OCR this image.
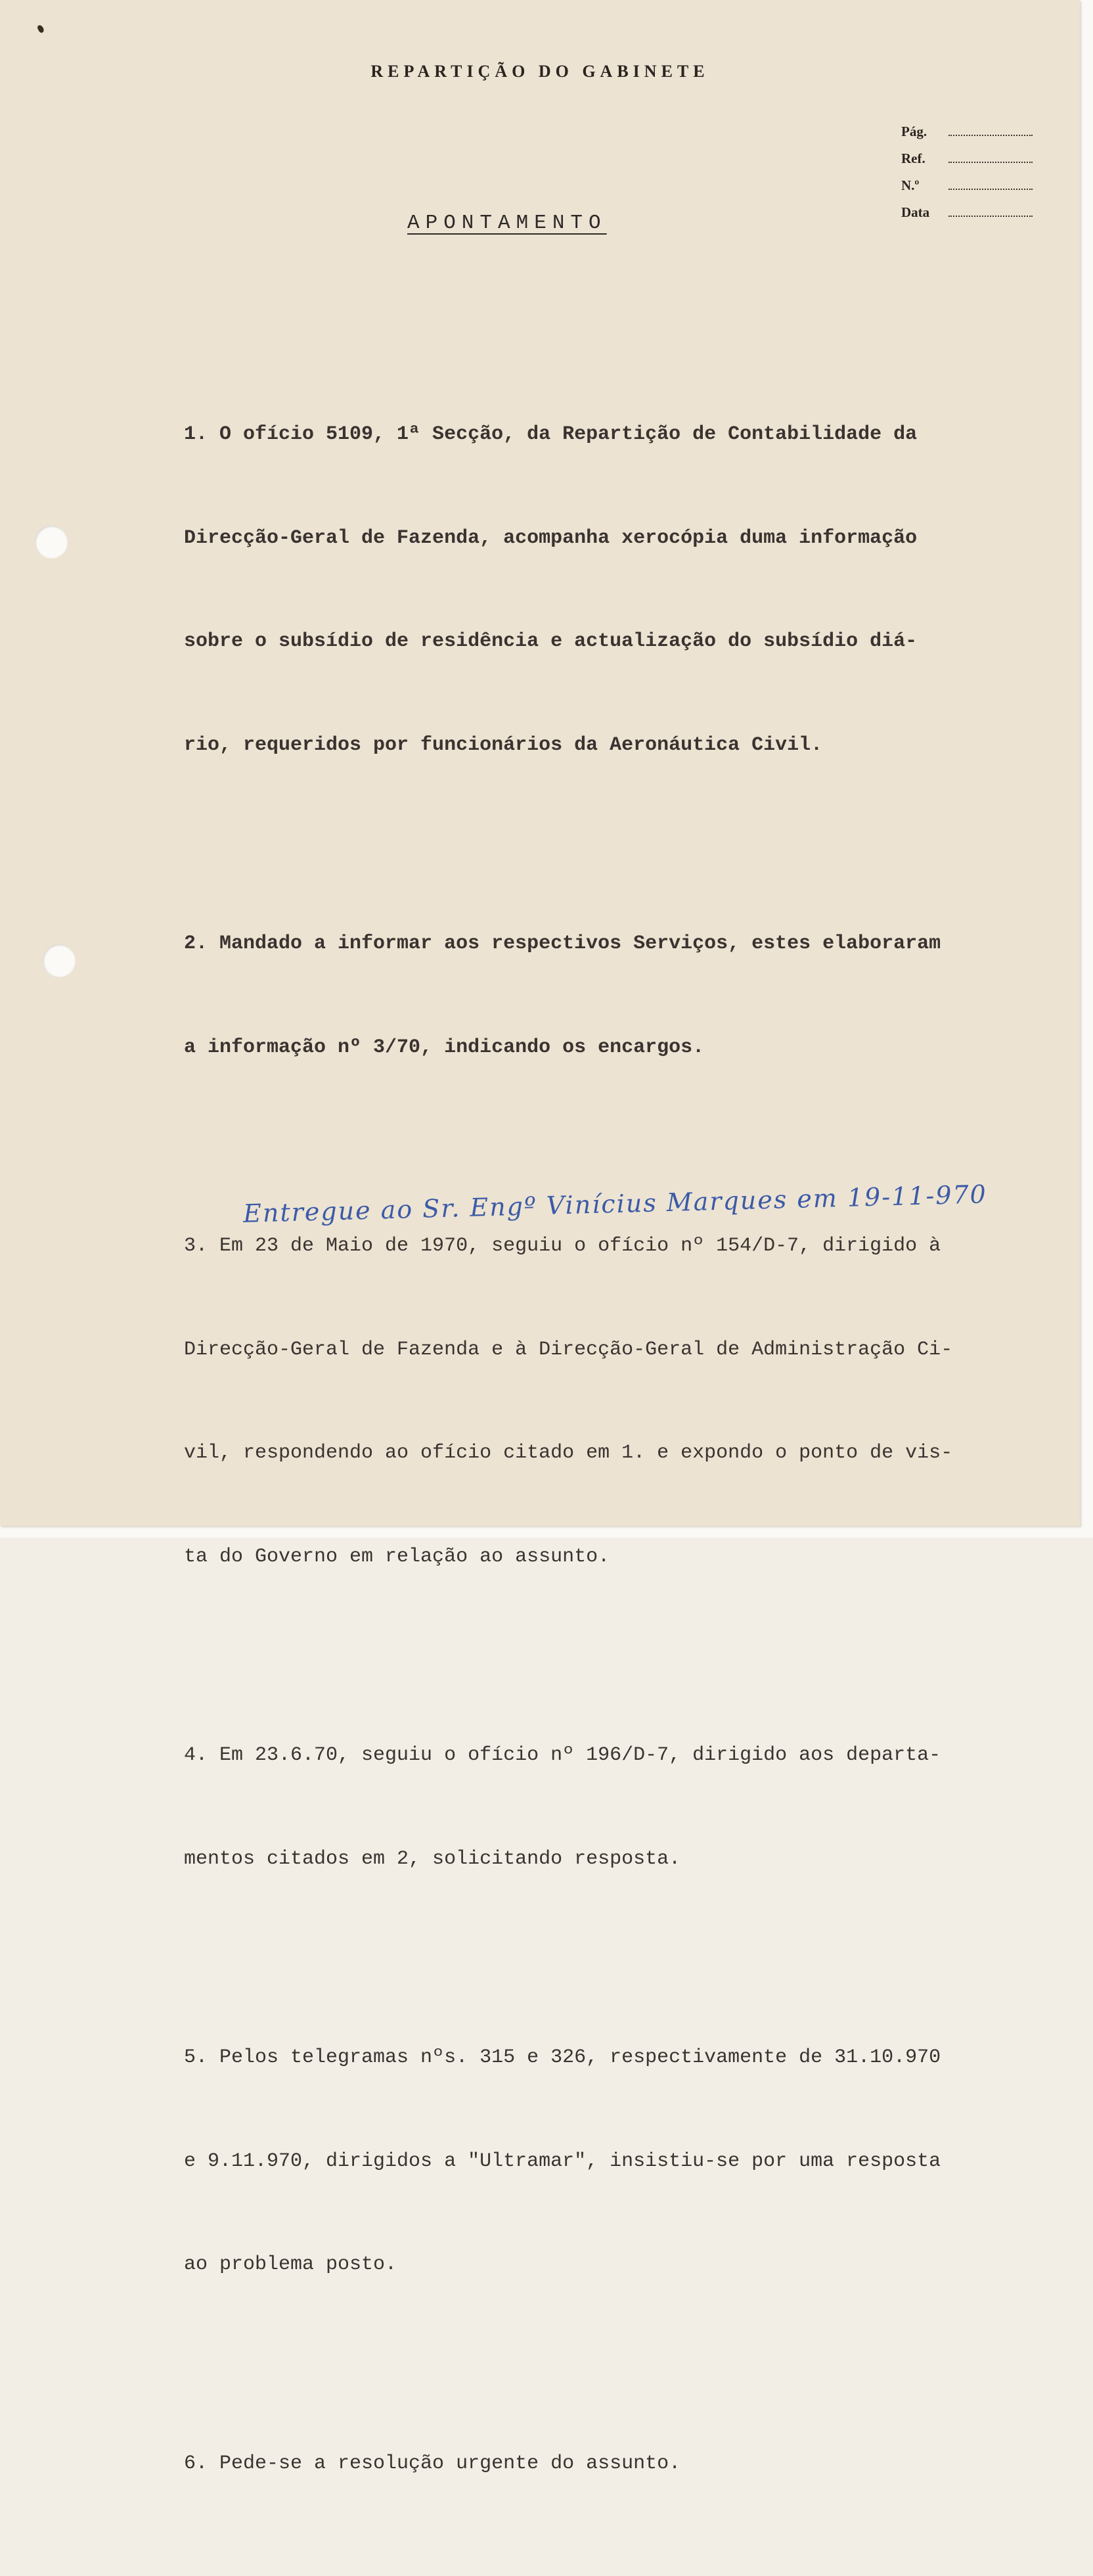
REPARTIÇÃO DO GABINETE
Pág.
Ref.
N.º
Data
APONTAMENTO

1. O ofício 5109, 1ª Secção, da Repartição de Contabilidade da

Direcção-Geral de Fazenda, acompanha xerocópia duma informação

sobre o subsídio de residência e actualização do subsídio diá-

rio, requeridos por funcionários da Aeronáutica Civil.

2. Mandado a informar aos respectivos Serviços, estes elaboraram

a informação nº 3/70, indicando os encargos.

3. Em 23 de Maio de 1970, seguiu o ofício nº 154/D-7, dirigido à

Direcção-Geral de Fazenda e à Direcção-Geral de Administração Ci-

vil, respondendo ao ofício citado em 1. e expondo o ponto de vis-

ta do Governo em relação ao assunto.

4. Em 23.6.70, seguiu o ofício nº 196/D-7, dirigido aos departa-

mentos citados em 2, solicitando resposta.

5. Pelos telegramas nºs. 315 e 326, respectivamente de 31.10.970

e 9.11.970, dirigidos a "Ultramar", insistiu-se por uma resposta

ao problema posto.

6. Pede-se a resolução urgente do assunto.

Entregue ao Sr. Engº Vinícius Marques em 19-11-970
